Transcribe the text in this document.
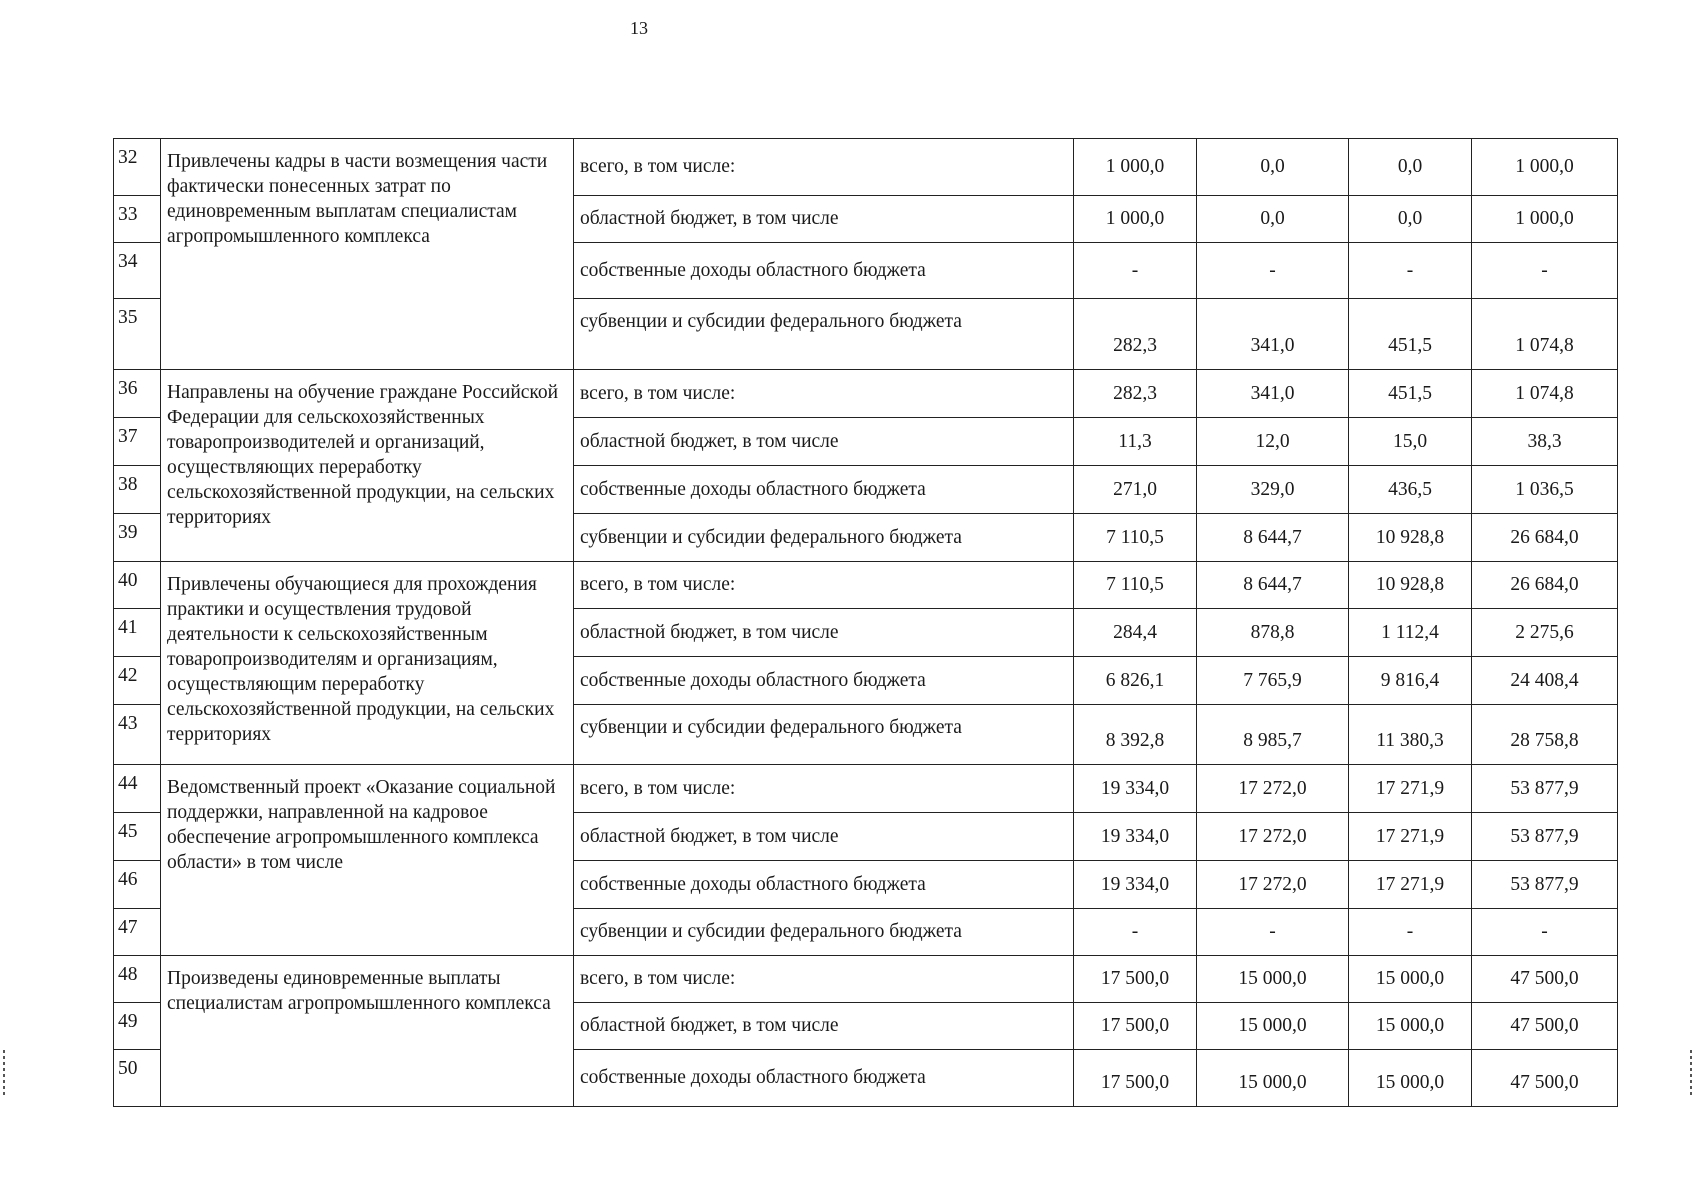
13
32	Привлечены кадры в части возмещения части фактически понесенных затрат по единовременным выплатам специалистам агропромышленного комплекса	всего, в том числе:	1 000,0	0,0	0,0	1 000,0
33		областной бюджет, в том числе	1 000,0	0,0	0,0	1 000,0
34		собственные доходы областного бюджета	-	-	-	-
35		субвенции и субсидии федерального бюджета	282,3	341,0	451,5	1 074,8
36	Направлены на обучение граждане Российской Федерации для сельскохозяйственных товаропроизводителей и организаций, осуществляющих переработку сельскохозяйственной продукции, на сельских территориях	всего, в том числе:	282,3	341,0	451,5	1 074,8
37		областной бюджет, в том числе	11,3	12,0	15,0	38,3
38		собственные доходы областного бюджета	271,0	329,0	436,5	1 036,5
39		субвенции и субсидии федерального бюджета	7 110,5	8 644,7	10 928,8	26 684,0
40	Привлечены обучающиеся для прохождения практики и осуществления трудовой деятельности к сельскохозяйственным товаропроизводителям и организациям, осуществляющим переработку сельскохозяйственной продукции, на сельских территориях	всего, в том числе:	7 110,5	8 644,7	10 928,8	26 684,0
41		областной бюджет, в том числе	284,4	878,8	1 112,4	2 275,6
42		собственные доходы областного бюджета	6 826,1	7 765,9	9 816,4	24 408,4
43		субвенции и субсидии федерального бюджета	8 392,8	8 985,7	11 380,3	28 758,8
44	Ведомственный проект «Оказание социальной поддержки, направленной на кадровое обеспечение агропромышленного комплекса области» в том числе	всего, в том числе:	19 334,0	17 272,0	17 271,9	53 877,9
45		областной бюджет, в том числе	19 334,0	17 272,0	17 271,9	53 877,9
46		собственные доходы областного бюджета	19 334,0	17 272,0	17 271,9	53 877,9
47		субвенции и субсидии федерального бюджета	-	-	-	-
48	Произведены единовременные выплаты специалистам агропромышленного комплекса	всего, в том числе:	17 500,0	15 000,0	15 000,0	47 500,0
49		областной бюджет, в том числе	17 500,0	15 000,0	15 000,0	47 500,0
50		собственные доходы областного бюджета	17 500,0	15 000,0	15 000,0	47 500,0
